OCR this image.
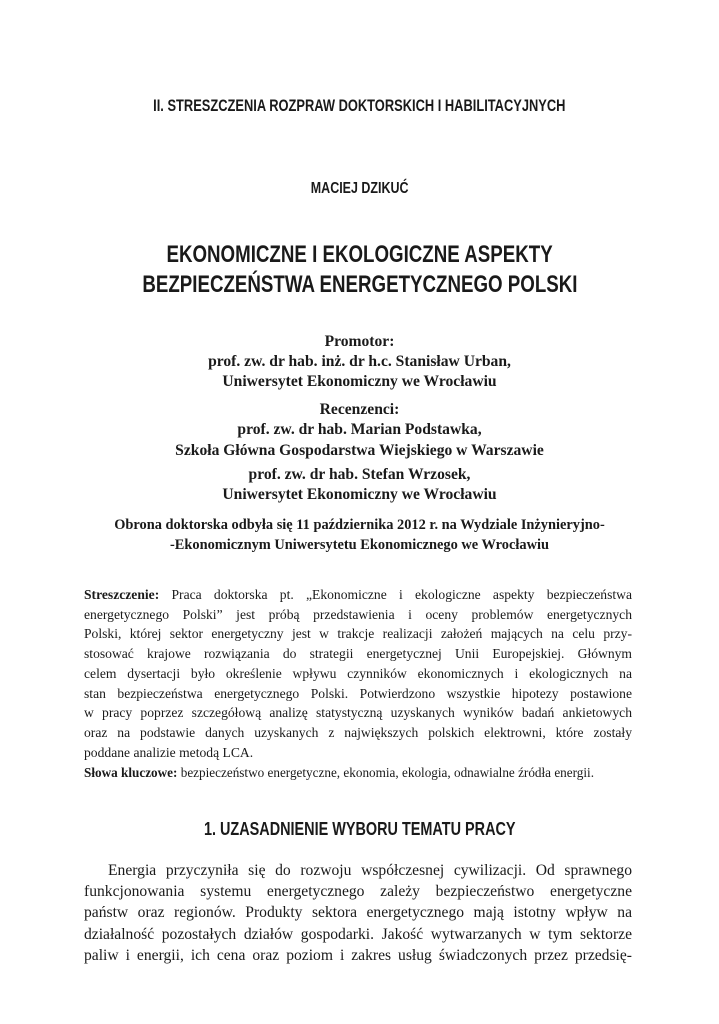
II. STRESZCZENIA ROZPRAW DOKTORSKICH I HABILITACYJNYCH
MACIEJ DZIKUĆ
EKONOMICZNE I EKOLOGICZNE ASPEKTY
BEZPIECZEŃSTWA ENERGETYCZNEGO POLSKI
Promotor:
prof. zw. dr hab. inż. dr h.c. Stanisław Urban,
Uniwersytet Ekonomiczny we Wrocławiu
Recenzenci:
prof. zw. dr hab. Marian Podstawka,
Szkoła Główna Gospodarstwa Wiejskiego w Warszawie
prof. zw. dr hab. Stefan Wrzosek,
Uniwersytet Ekonomiczny we Wrocławiu
Obrona doktorska odbyła się 11 października 2012 r. na Wydziale Inżynieryjno-
-Ekonomicznym Uniwersytetu Ekonomicznego we Wrocławiu
Streszczenie: Praca doktorska pt. „Ekonomiczne i ekologiczne aspekty bezpieczeństwa
energetycznego Polski” jest próbą przedstawienia i oceny problemów energetycznych
Polski, której sektor energetyczny jest w trakcje realizacji założeń mających na celu przy-
stosować krajowe rozwiązania do strategii energetycznej Unii Europejskiej. Głównym
celem dysertacji było określenie wpływu czynników ekonomicznych i ekologicznych na
stan bezpieczeństwa energetycznego Polski. Potwierdzono wszystkie hipotezy postawione
w pracy poprzez szczegółową analizę statystyczną uzyskanych wyników badań ankietowych
oraz na podstawie danych uzyskanych z największych polskich elektrowni, które zostały
poddane analizie metodą LCA.
Słowa kluczowe: bezpieczeństwo energetyczne, ekonomia, ekologia, odnawialne źródła energii.
1. UZASADNIENIE WYBORU TEMATU PRACY
Energia przyczyniła się do rozwoju współczesnej cywilizacji. Od sprawnego
funkcjonowania systemu energetycznego zależy bezpieczeństwo energetyczne
państw oraz regionów. Produkty sektora energetycznego mają istotny wpływ na
działalność pozostałych działów gospodarki. Jakość wytwarzanych w tym sektorze
paliw i energii, ich cena oraz poziom i zakres usług świadczonych przez przedsię-
